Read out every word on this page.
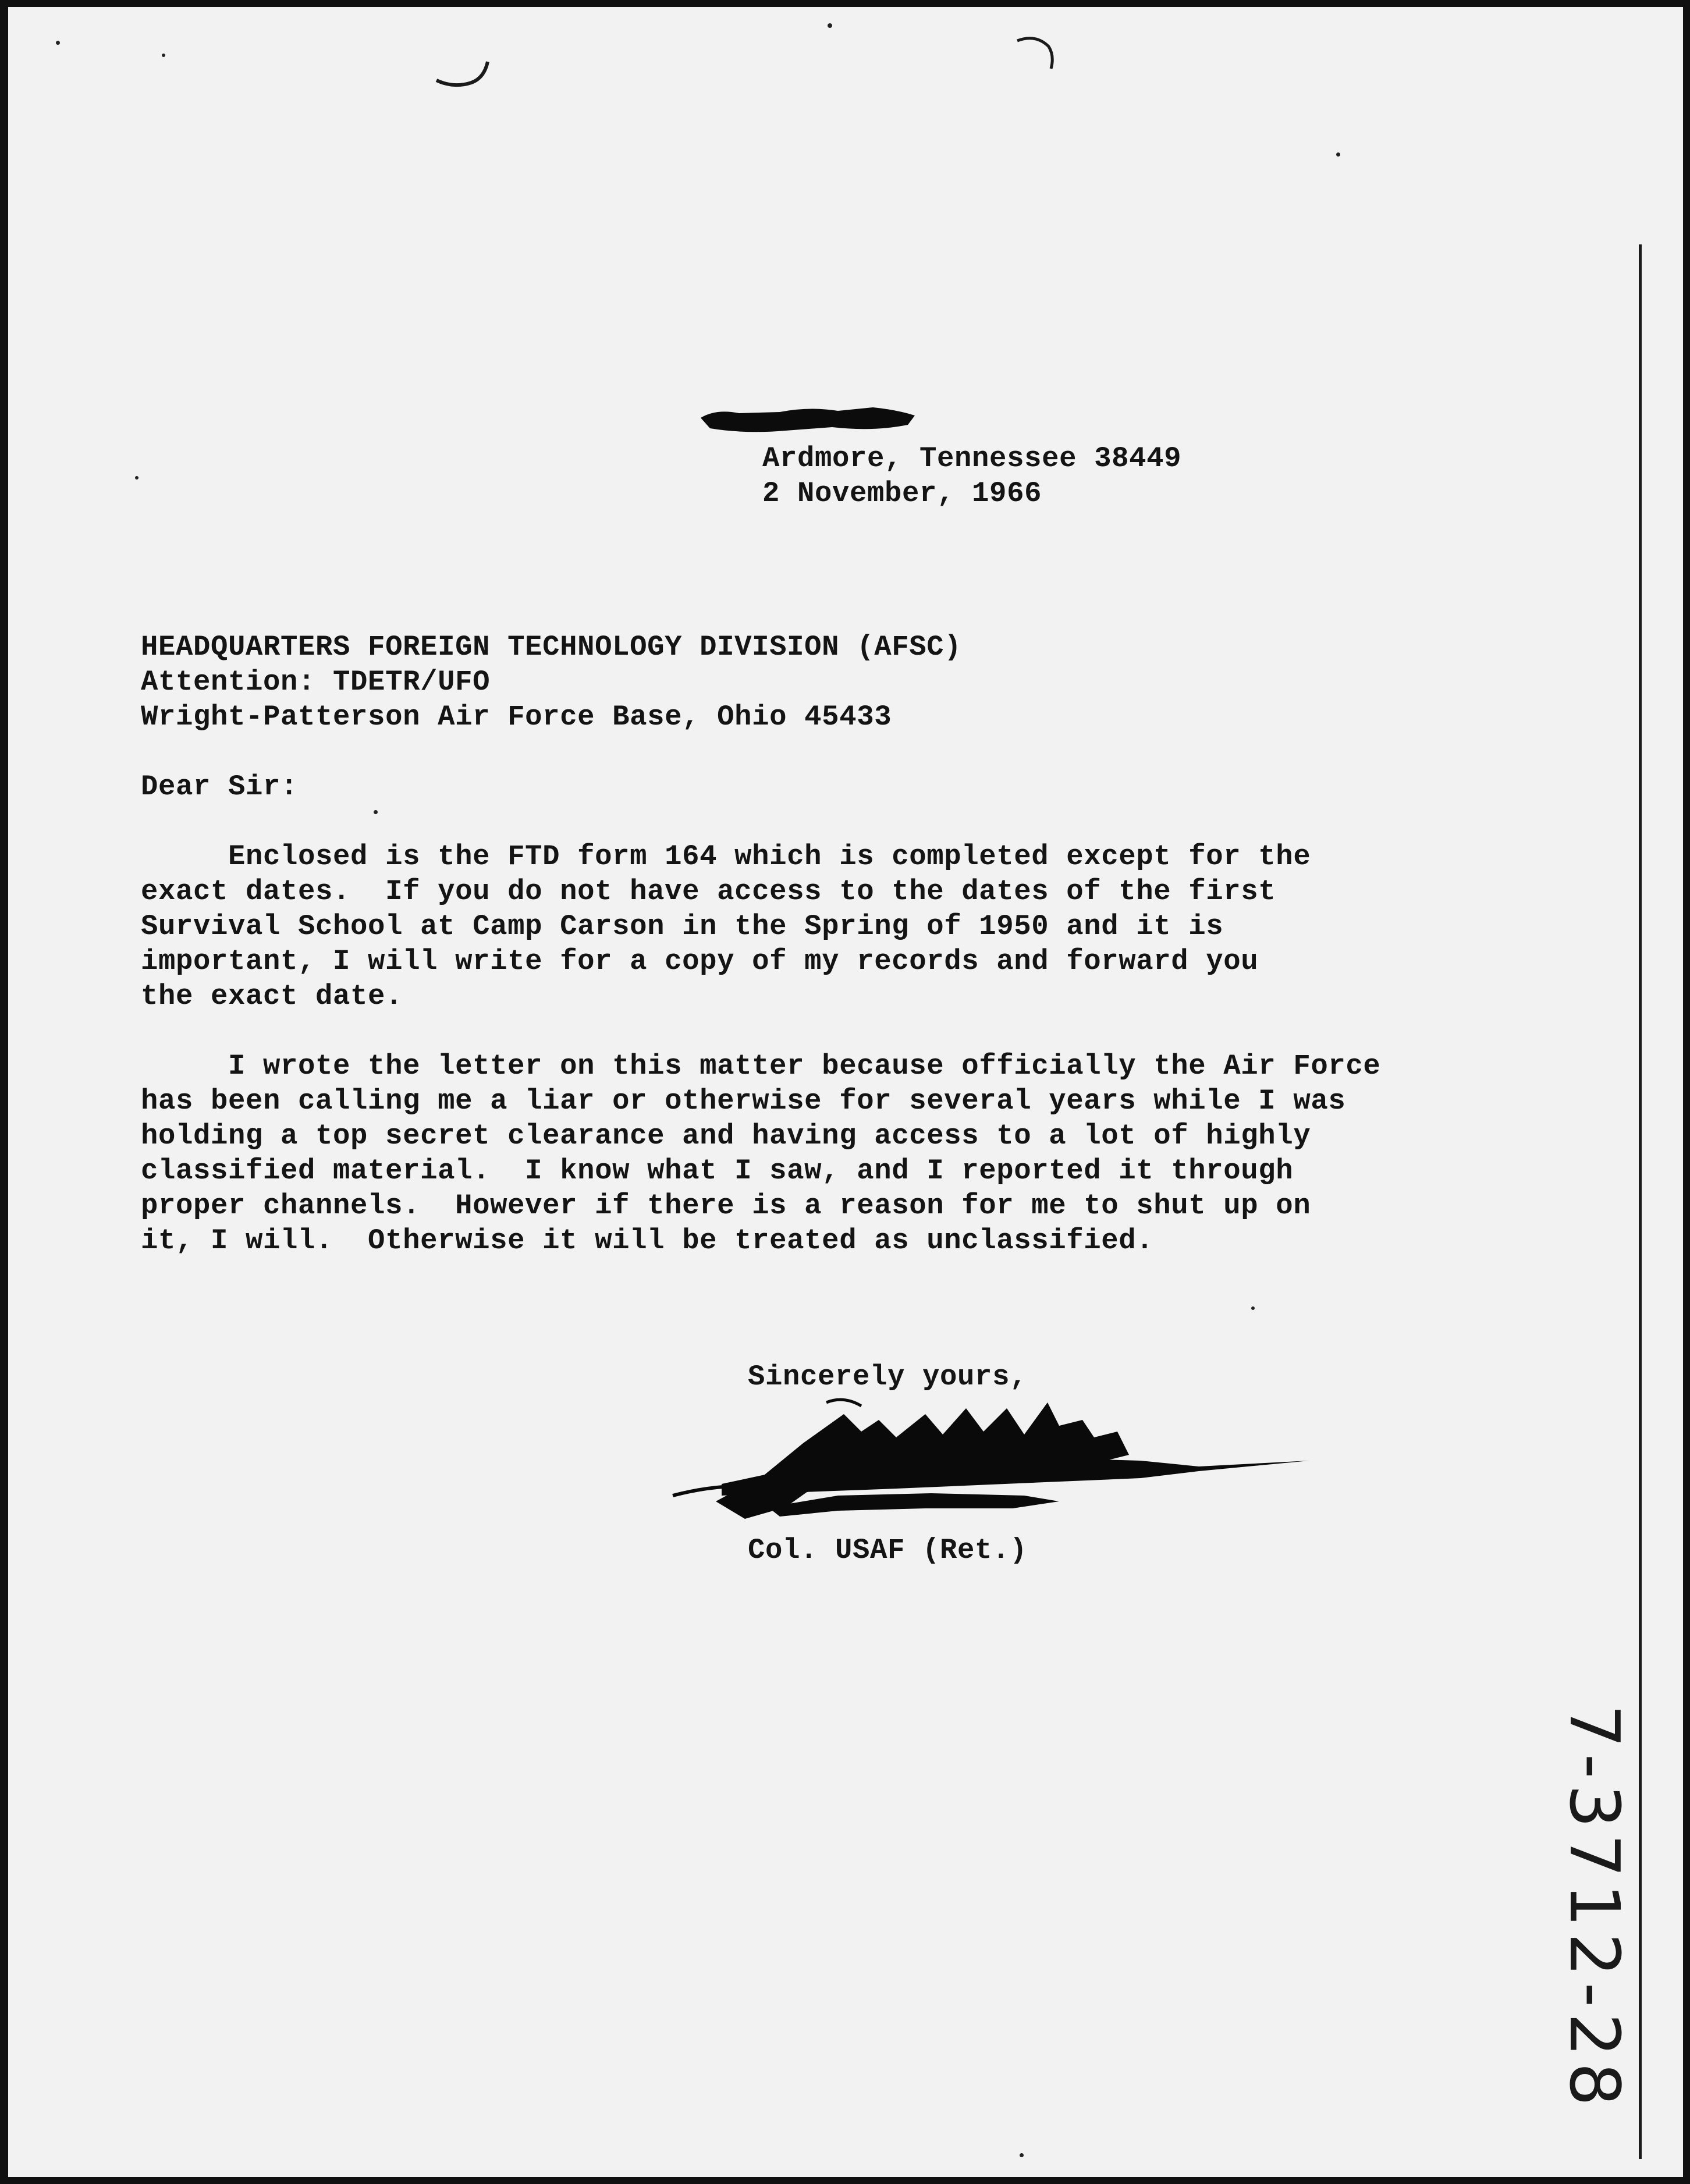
Ardmore, Tennessee 38449
2 November, 1966
HEADQUARTERS FOREIGN TECHNOLOGY DIVISION (AFSC)
Attention: TDETR/UFO
Wright-Patterson Air Force Base, Ohio 45433
Dear Sir:
Enclosed is the FTD form 164 which is completed except for the
exact dates.  If you do not have access to the dates of the first
Survival School at Camp Carson in the Spring of 1950 and it is
important, I will write for a copy of my records and forward you
the exact date.
I wrote the letter on this matter because officially the Air Force
has been calling me a liar or otherwise for several years while I was
holding a top secret clearance and having access to a lot of highly
classified material.  I know what I saw, and I reported it through
proper channels.  However if there is a reason for me to shut up on
it, I will.  Otherwise it will be treated as unclassified.
Sincerely yours,
Col. USAF (Ret.)
7-3712-28
